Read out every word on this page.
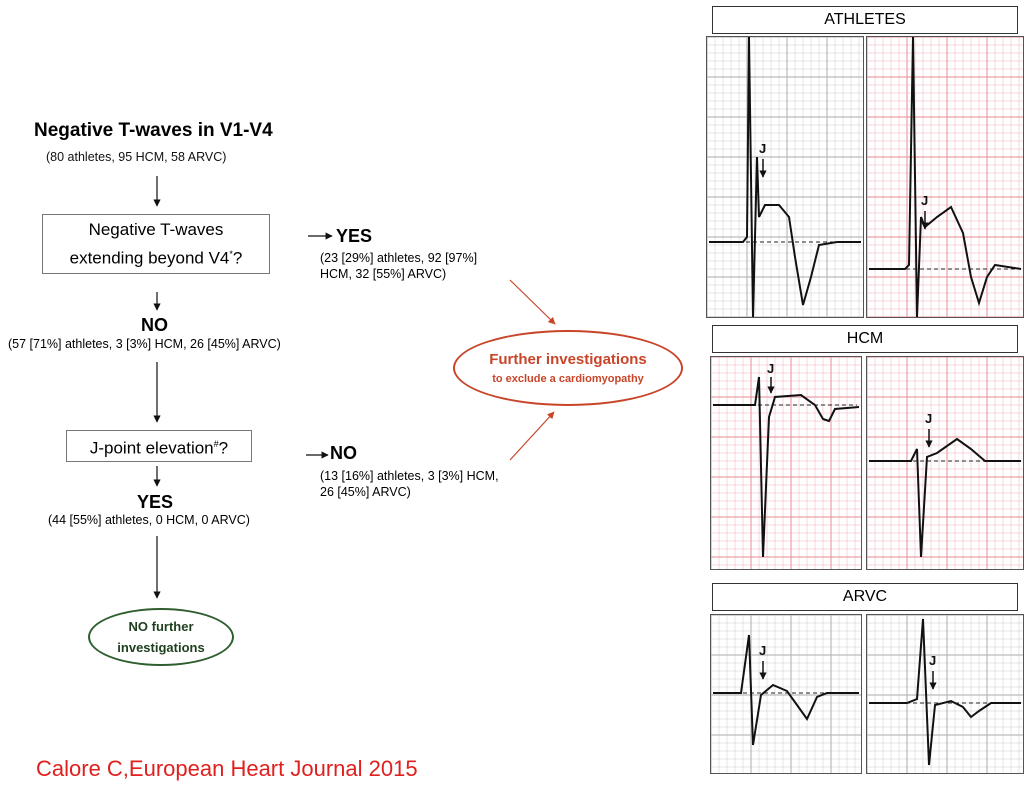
Negative T-waves in V1-V4
(80 athletes, 95 HCM, 58 ARVC)
Negative T-waves
extending beyond V4*?
NO
(57 [71%] athletes, 3 [3%] HCM, 26 [45%] ARVC)
YES
(23 [29%] athletes, 92 [97%]
HCM, 32 [55%] ARVC)
J-point elevation#?
YES
(44 [55%] athletes, 0 HCM, 0 ARVC)
NO
(13 [16%] athletes, 3 [3%] HCM,
26 [45%] ARVC)
Further investigations
to exclude a cardiomyopathy
NO further
investigations
ATHLETES
J
J
HCM
J
J
ARVC
J
J
Calore C,European Heart Journal 2015
